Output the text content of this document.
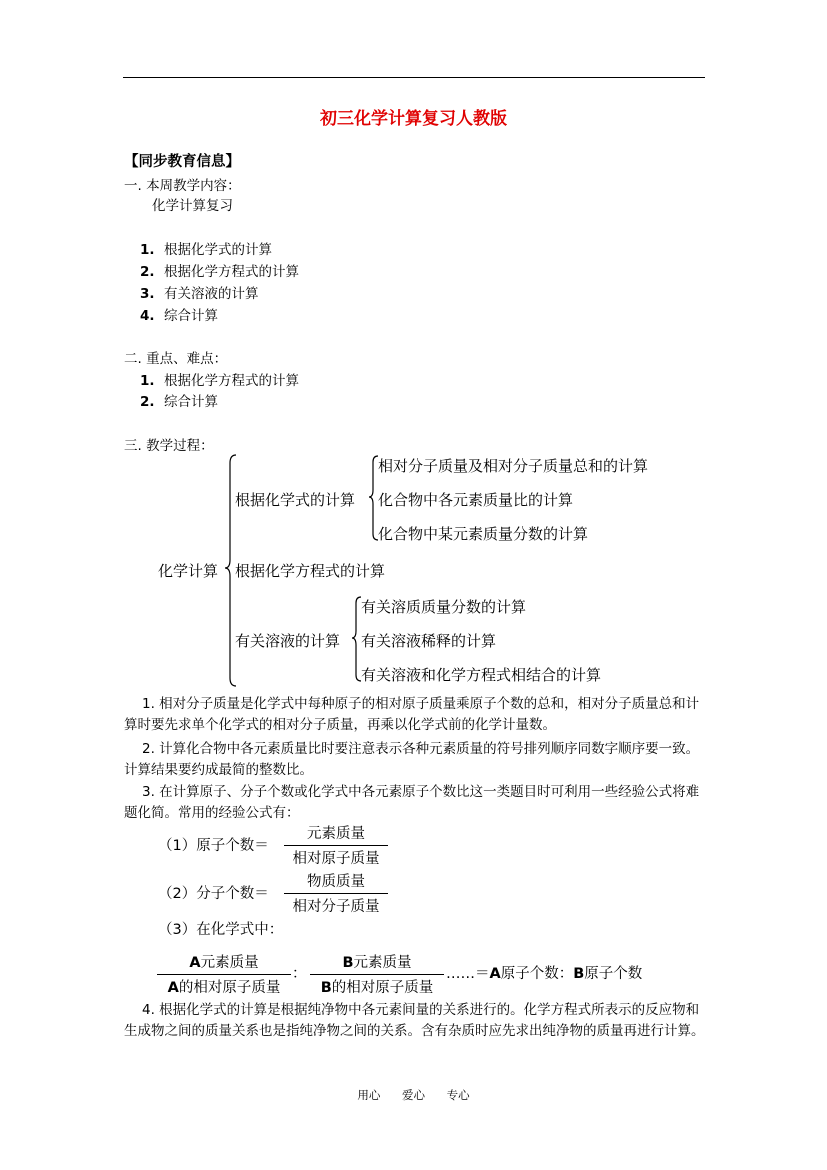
初三化学计算复习人教版
【同步教育信息】
一. 本周教学内容：
化学计算复习
1. 根据化学式的计算
2. 根据化学方程式的计算
3. 有关溶液的计算
4. 综合计算
二. 重点、难点：
1. 根据化学方程式的计算
2. 综合计算
三. 教学过程：
化学计算
根据化学式的计算
相对分子质量及相对分子质量总和的计算
化合物中各元素质量比的计算
化合物中某元素质量分数的计算
根据化学方程式的计算
有关溶液的计算
有关溶质质量分数的计算
有关溶液稀释的计算
有关溶液和化学方程式相结合的计算
1. 相对分子质量是化学式中每种原子的相对原子质量乘原子个数的总和，相对分子质量总和计算时要先求单个化学式的相对分子质量，再乘以化学式前的化学计量数。
2. 计算化合物中各元素质量比时要注意表示各种元素质量的符号排列顺序同数字顺序要一致。计算结果要约成最简的整数比。
3. 在计算原子、分子个数或化学式中各元素原子个数比这一类题目时可利用一些经验公式将难题化简。常用的经验公式有：
（1）原子个数＝
元素质量
相对原子质量
（2）分子个数＝
物质质量
相对分子质量
（3）在化学式中：
A元素质量
A的相对原子质量
：
B元素质量
B的相对原子质量
……＝A原子个数：B原子个数
4. 根据化学式的计算是根据纯净物中各元素间量的关系进行的。化学方程式所表示的反应物和生成物之间的质量关系也是指纯净物之间的关系。含有杂质时应先求出纯净物的质量再进行计算。
用心 爱心 专心
